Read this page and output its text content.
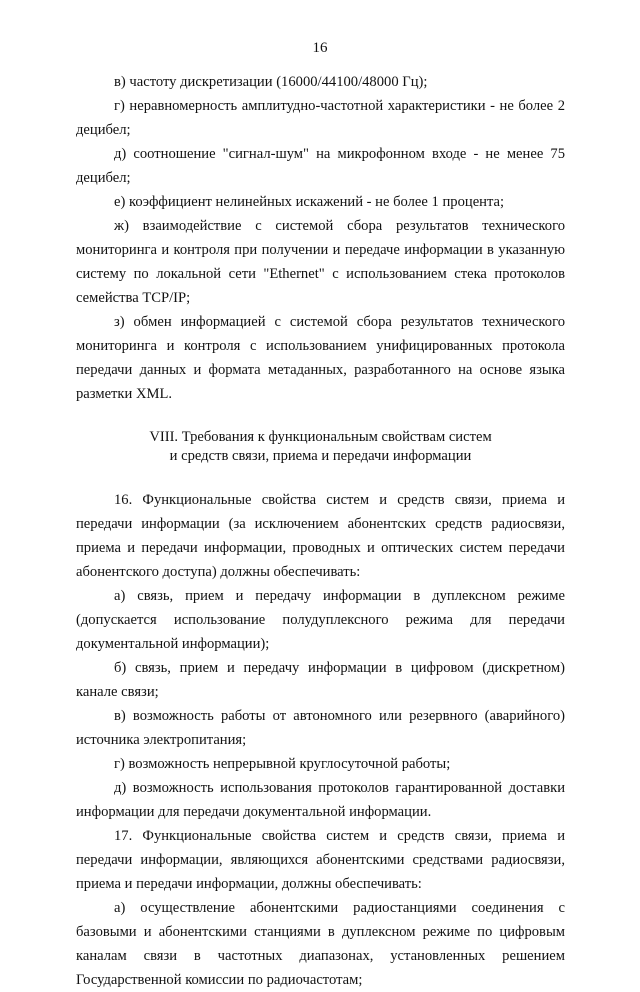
16

в) частоту дискретизации (16000/44100/48000 Гц);

г) неравномерность амплитудно-частотной характеристики - не более 2 децибел;

д) соотношение "сигнал-шум" на микрофонном входе - не менее 75 децибел;

е) коэффициент нелинейных искажений - не более 1 процента;

ж) взаимодействие с системой сбора результатов технического мониторинга и контроля при получении и передаче информации в указанную систему по локальной сети "Ethernet" с использованием стека протоколов семейства TCP/IP;

з) обмен информацией с системой сбора результатов технического мониторинга и контроля с использованием унифицированных протокола передачи данных и формата метаданных, разработанного на основе языка разметки XML.

VIII. Требования к функциональным свойствам систем
и средств связи, приема и передачи информации

16. Функциональные свойства систем и средств связи, приема и передачи информации (за исключением абонентских средств радиосвязи, приема и передачи информации, проводных и оптических систем передачи абонентского доступа) должны обеспечивать:

а) связь, прием и передачу информации в дуплексном режиме (допускается использование полудуплексного режима для передачи документальной информации);

б) связь, прием и передачу информации в цифровом (дискретном) канале связи;

в) возможность работы от автономного или резервного (аварийного) источника электропитания;

г) возможность непрерывной круглосуточной работы;

д) возможность использования протоколов гарантированной доставки информации для передачи документальной информации.

17. Функциональные свойства систем и средств связи, приема и передачи информации, являющихся абонентскими средствами радиосвязи, приема и передачи информации, должны обеспечивать:

а) осуществление абонентскими радиостанциями соединения с базовыми и абонентскими станциями в дуплексном режиме по цифровым каналам связи в частотных диапазонах, установленных решением Государственной комиссии по радиочастотам;
